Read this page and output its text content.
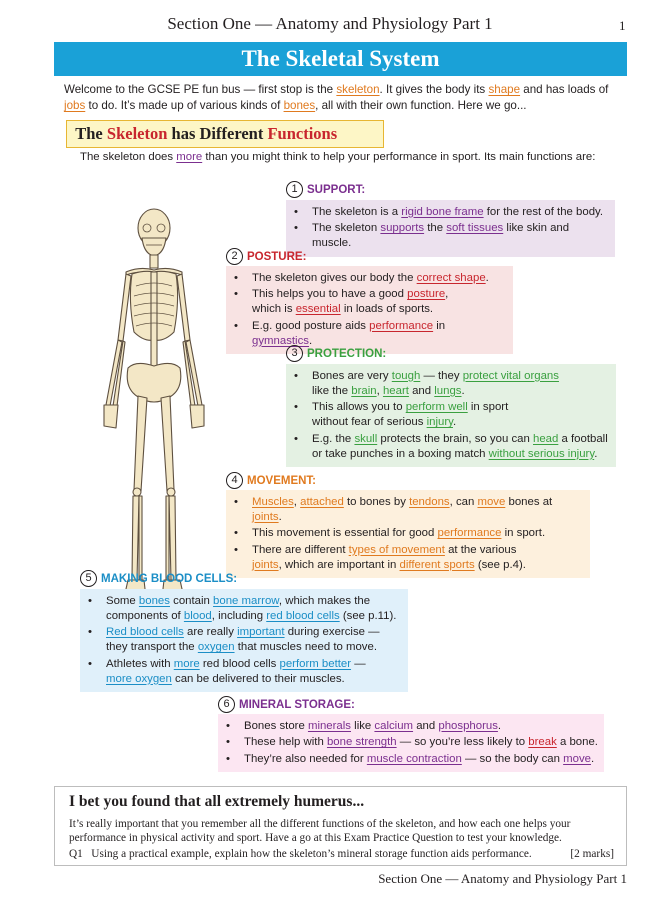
Section One — Anatomy and Physiology Part 1	1
The Skeletal System
Welcome to the GCSE PE fun bus — first stop is the skeleton. It gives the body its shape and has loads of jobs to do. It’s made up of various kinds of bones, all with their own function. Here we go...
The Skeleton has Different Functions
The skeleton does more than you might think to help your performance in sport. Its main functions are:
1 SUPPORT:
• The skeleton is a rigid bone frame for the rest of the body.
• The skeleton supports the soft tissues like skin and muscle.
2 POSTURE:
• The skeleton gives our body the correct shape.
• This helps you to have a good posture,
which is essential in loads of sports.
• E.g. good posture aids performance in gymnastics.
3 PROTECTION:
• Bones are very tough — they protect vital organs
like the brain, heart and lungs.
• This allows you to perform well in sport
without fear of serious injury.
• E.g. the skull protects the brain, so you can head a football
or take punches in a boxing match without serious injury.
4 MOVEMENT:
• Muscles, attached to bones by tendons, can move bones at joints.
• This movement is essential for good performance in sport.
• There are different types of movement at the various
joints, which are important in different sports (see p.4).
5 MAKING BLOOD CELLS:
• Some bones contain bone marrow, which makes the
components of blood, including red blood cells (see p.11).
• Red blood cells are really important during exercise —
they transport the oxygen that muscles need to move.
• Athletes with more red blood cells perform better —
more oxygen can be delivered to their muscles.
6 MINERAL STORAGE:
• Bones store minerals like calcium and phosphorus.
• These help with bone strength — so you’re less likely to break a bone.
• They’re also needed for muscle contraction — so the body can move.
I bet you found that all extremely humerus...
It’s really important that you remember all the different functions of the skeleton, and how each one helps your performance in physical activity and sport. Have a go at this Exam Practice Question to test your knowledge.
Q1 Using a practical example, explain how the skeleton’s mineral storage function aids performance.	[2 marks]
Section One — Anatomy and Physiology Part 1
